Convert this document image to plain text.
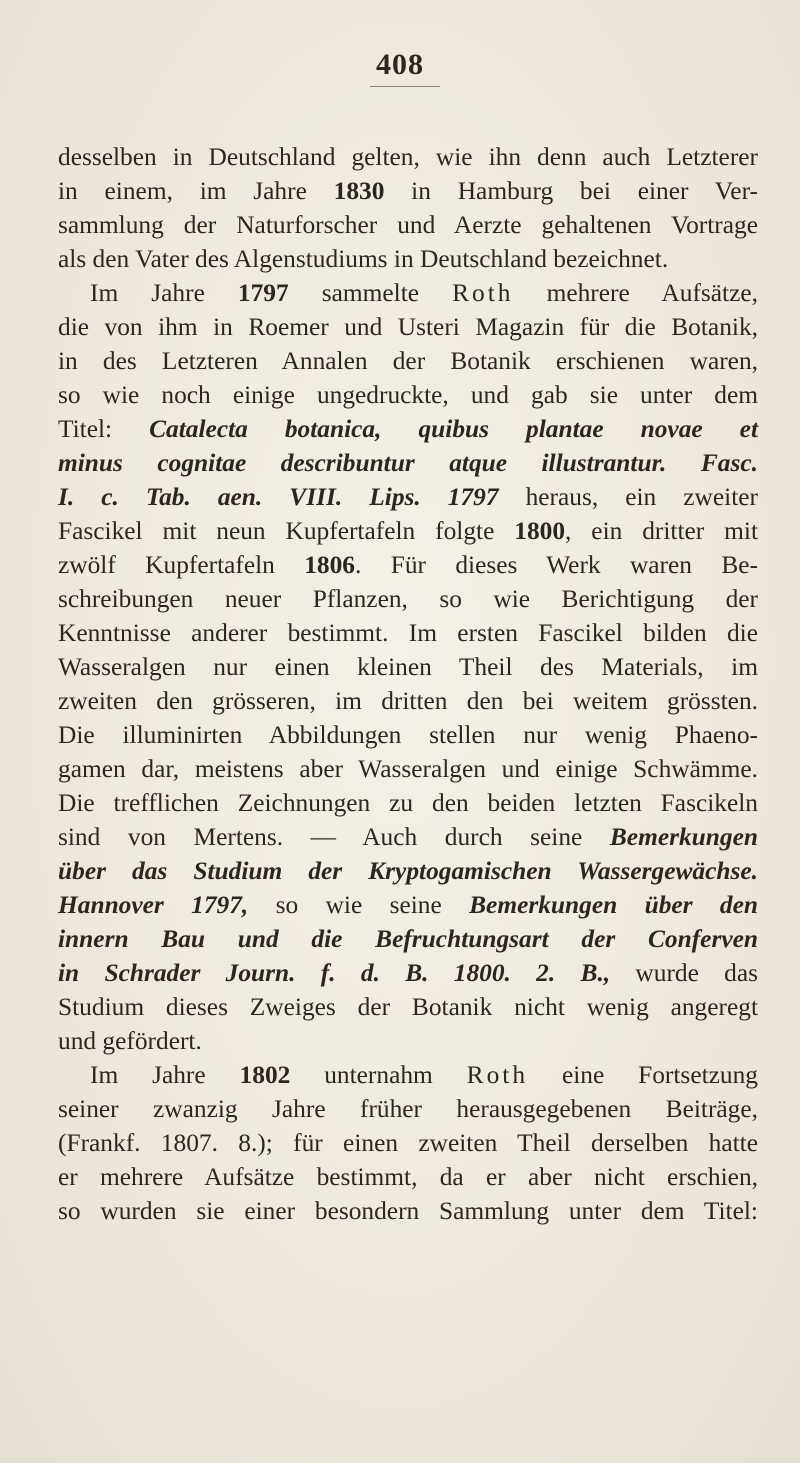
408
desselben in Deutschland gelten, wie ihn denn auch Letzterer
in einem, im Jahre 1830 in Hamburg bei einer Ver-
sammlung der Naturforscher und Aerzte gehaltenen Vortrage
als den Vater des Algenstudiums in Deutschland bezeichnet.
Im Jahre 1797 sammelte Roth mehrere Aufsätze,
die von ihm in Roemer und Usteri Magazin für die Botanik,
in des Letzteren Annalen der Botanik erschienen waren,
so wie noch einige ungedruckte, und gab sie unter dem
Titel: Catalecta botanica, quibus plantae novae et
minus cognitae describuntur atque illustrantur. Fasc.
I. c. Tab. aen. VIII. Lips. 1797 heraus, ein zweiter
Fascikel mit neun Kupfertafeln folgte 1800, ein dritter mit
zwölf Kupfertafeln 1806. Für dieses Werk waren Be-
schreibungen neuer Pflanzen, so wie Berichtigung der
Kenntnisse anderer bestimmt. Im ersten Fascikel bilden die
Wasseralgen nur einen kleinen Theil des Materials, im
zweiten den grösseren, im dritten den bei weitem grössten.
Die illuminirten Abbildungen stellen nur wenig Phaeno-
gamen dar, meistens aber Wasseralgen und einige Schwämme.
Die trefflichen Zeichnungen zu den beiden letzten Fascikeln
sind von Mertens. — Auch durch seine Bemerkungen
über das Studium der Kryptogamischen Wassergewächse.
Hannover 1797, so wie seine Bemerkungen über den
innern Bau und die Befruchtungsart der Conferven
in Schrader Journ. f. d. B. 1800. 2. B., wurde das
Studium dieses Zweiges der Botanik nicht wenig angeregt
und gefördert.
Im Jahre 1802 unternahm Roth eine Fortsetzung
seiner zwanzig Jahre früher herausgegebenen Beiträge,
(Frankf. 1807. 8.); für einen zweiten Theil derselben hatte
er mehrere Aufsätze bestimmt, da er aber nicht erschien,
so wurden sie einer besondern Sammlung unter dem Titel:
